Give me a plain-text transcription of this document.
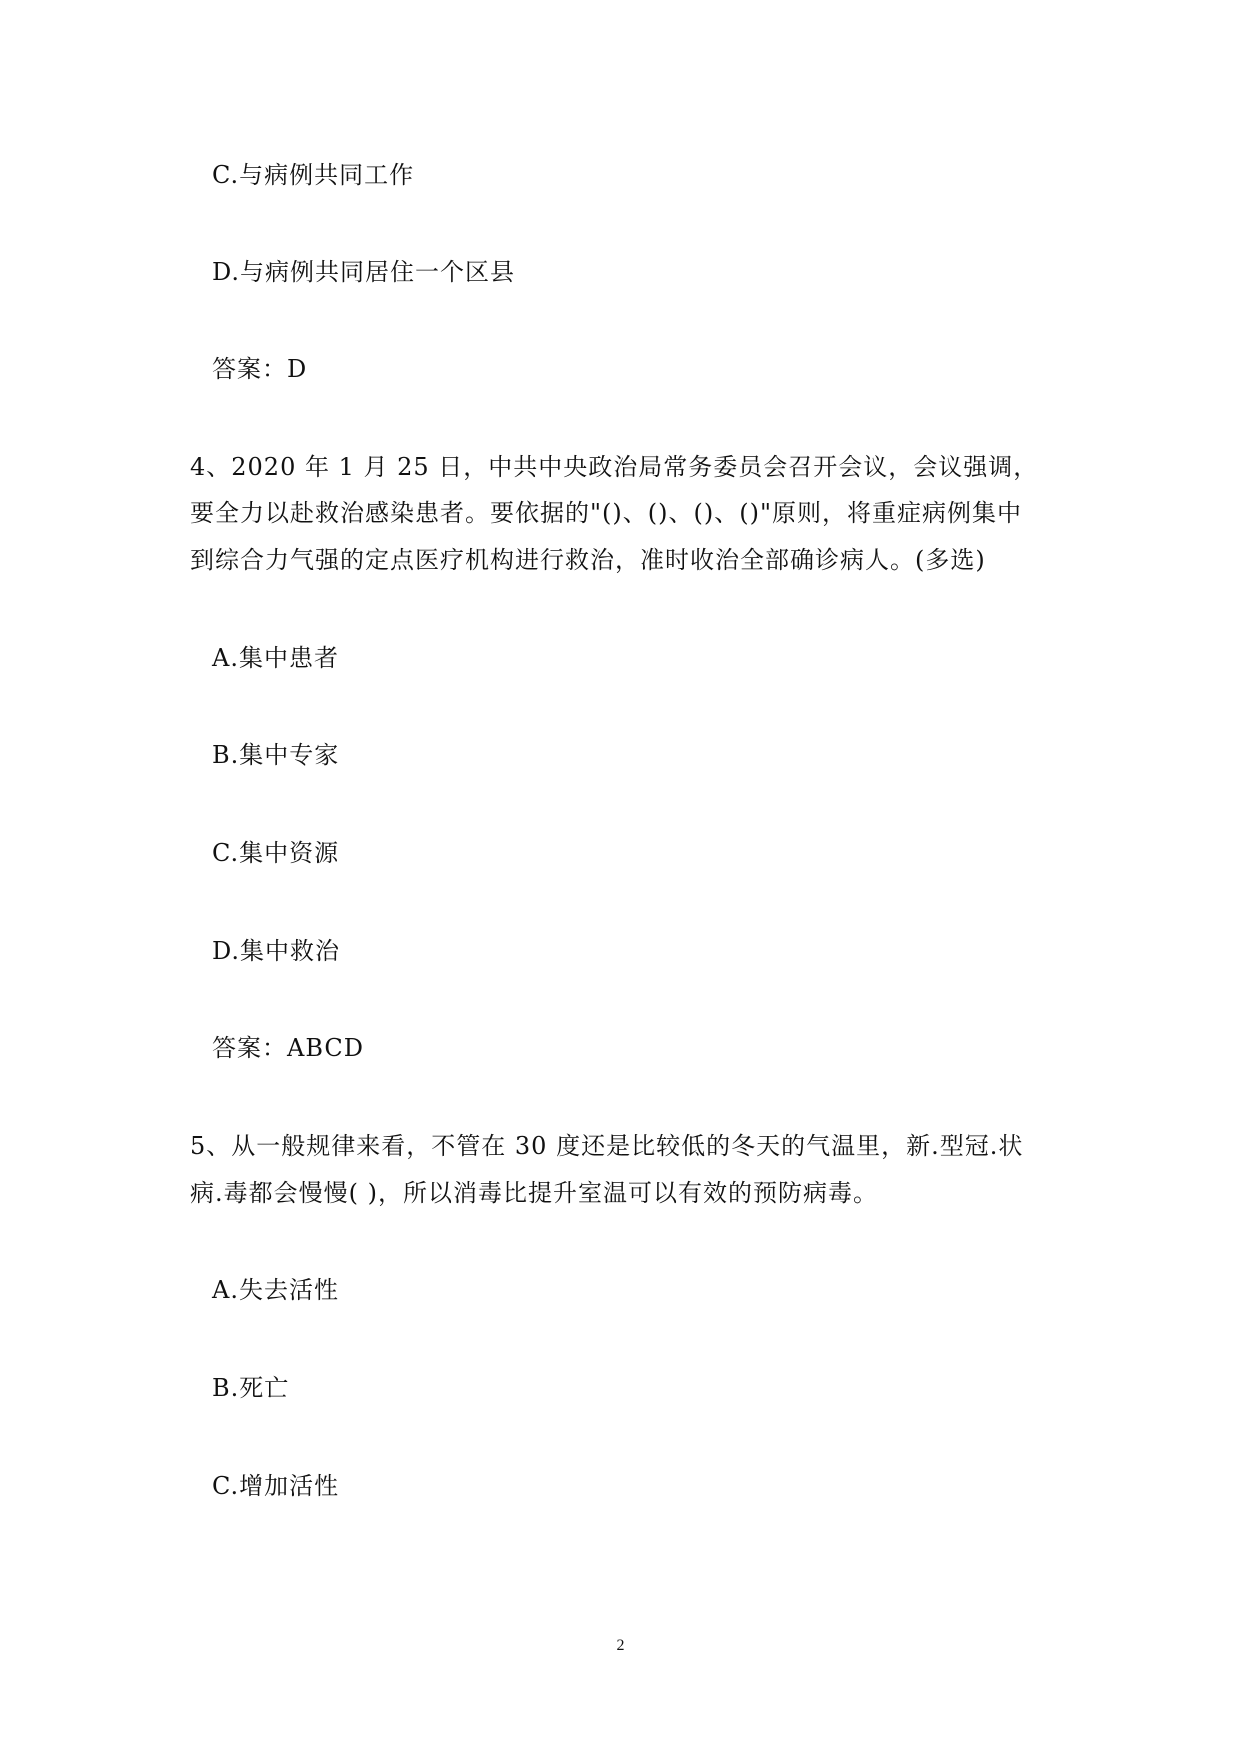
C.与病例共同工作
D.与病例共同居住一个区县
答案：D
4、2020 年 1 月 25 日，中共中央政治局常务委员会召开会议，会议强调，
要全力以赴救治感染患者。要依据的"()、()、()、()"原则，将重症病例集中
到综合力气强的定点医疗机构进行救治，准时收治全部确诊病人。(多选)
A.集中患者
B.集中专家
C.集中资源
D.集中救治
答案：ABCD
5、从一般规律来看，不管在 30 度还是比较低的冬天的气温里，新.型冠.状
病.毒都会慢慢( )，所以消毒比提升室温可以有效的预防病毒。
A.失去活性
B.死亡
C.增加活性
2
